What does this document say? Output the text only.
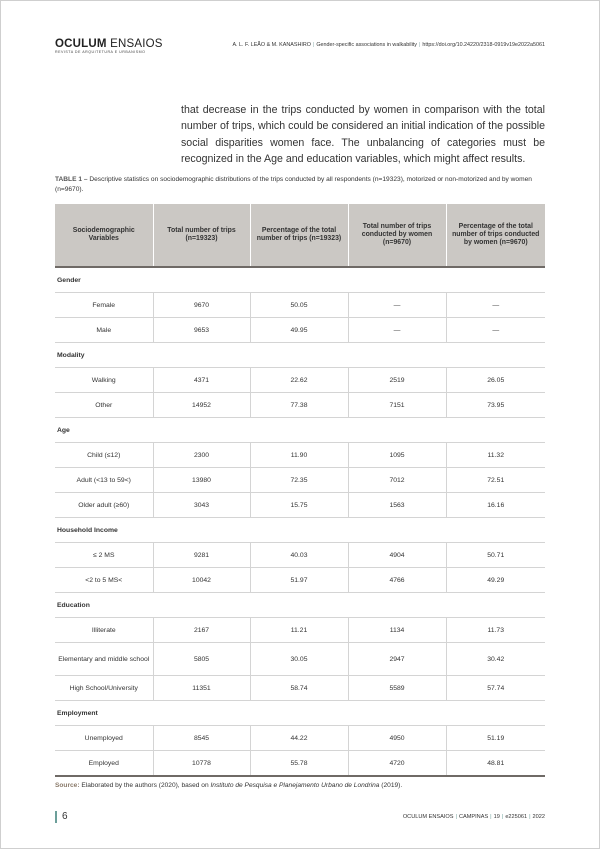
OCULUM ENSAIOS
REVISTA DE ARQUITETURA E URBANISMO
A. L. F. LEÃO & M. KANASHIRO | Gender-specific associations in walkability | https://doi.org/10.24220/2318-0919v19e2022a5061

that decrease in the trips conducted by women in comparison with the total number of trips, which could be considered an initial indication of the possible social disparities women face. The unbalancing of categories must be recognized in the Age and education variables, which might affect results.

TABLE 1 – Descriptive statistics on sociodemographic distributions of the trips conducted by all respondents (n=19323), motorized or non-motorized and by women (n=9670).
Sociodemographic Variables	Total number of trips (n=19323)	Percentage of the total number of trips (n=19323)	Total number of trips conducted by women (n=9670)	Percentage of the total number of trips conducted by women (n=9670)
Gender				
Female	9670	50.05	—	—
Male	9653	49.95	—	—
Modality				
Walking	4371	22.62	2519	26.05
Other	14952	77.38	7151	73.95
Age				
Child (≤12)	2300	11.90	1095	11.32
Adult (<13 to 59<)	13980	72.35	7012	72.51
Older adult (≥60)	3043	15.75	1563	16.16
Household Income				
≤ 2 MS	9281	40.03	4904	50.71
<2 to 5 MS<	10042	51.97	4766	49.29
Education				
Illiterate	2167	11.21	1134	11.73
Elementary and middle school	5805	30.05	2947	30.42
High School/University	11351	58.74	5589	57.74
Employment				
Unemployed	8545	44.22	4950	51.19
Employed	10778	55.78	4720	48.81
Source: Elaborated by the authors (2020), based on Instituto de Pesquisa e Planejamento Urbano de Londrina (2019).
6	OCULUM ENSAIOS | CAMPINAS | 19 | e225061 | 2022
